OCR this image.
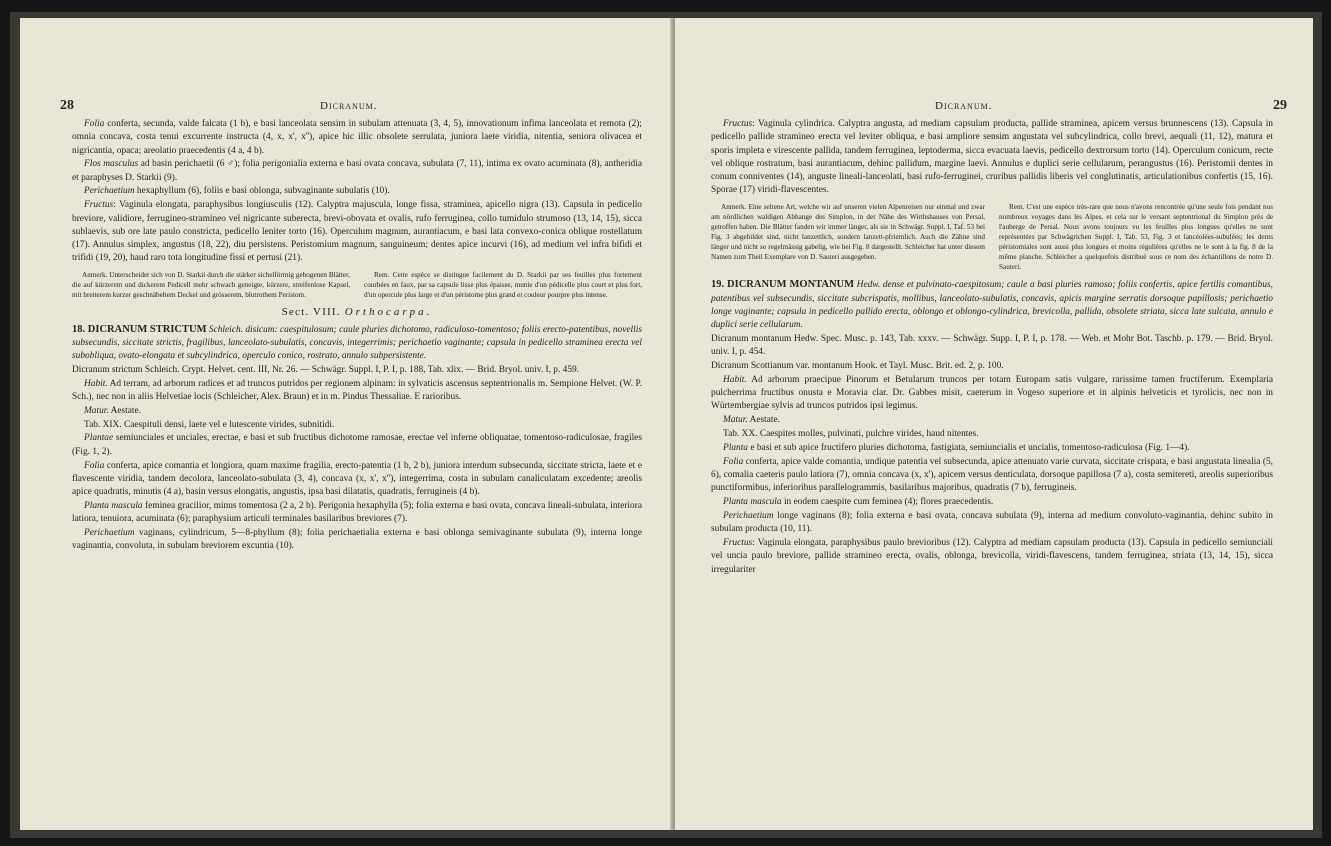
28	Dicranum.

Folia conferta, secunda, valde falcata (1 b), e basi lanceolata sensim in subulam attenuata (3, 4, 5), innovationum infima lanceolata et remota (2); omnia concava, costa tenui excurrente instructa (4, x, x', x''), apice hic illic obsolete serrulata, juniora laete viridia, nitentia, seniora olivacea et nigricantia, opaca; areolatio praecedentis (4 a, 4 b).

Flos masculus ad basin perichaetii (6 ♂); folia perigonialia externa e basi ovata concava, subulata (7, 11), intima ex ovato acuminata (8), antheridia et paraphyses D. Starkii (9).

Perichaetium hexaphyllum (6), foliis e basi oblonga, subvaginante subulatis (10).

Fructus: Vaginula elongata, paraphysibus longiusculis (12). Calyptra majuscula, longe fissa, straminea, apicello nigra (13). Capsula in pedicello breviore, validiore, ferrugineo-stramineo vel nigricante suberecta, brevi-obovata et ovalis, rufo ferruginea, collo tumidulo strumoso (13, 14, 15), sicca sublaevis, sub ore late paulo constricta, pedicello leniter torto (16). Operculum magnum, aurantiacum, e basi lata convexo-conica oblique rostellatum (17). Annulus simplex, angustus (18, 22), diu persistens. Peristomium magnum, sanguineum; dentes apice incurvi (16), ad medium vel infra bifidi et trifidi (19, 20), haud raro tota longitudine fissi et pertusi (21).

Anmerk. Unterscheidet sich von D. Starkii durch die stärker sichelförmig gebogenen Blätter, die auf kürzerem und dickerem Pedicell mehr schwach geneigte, kürzere, streifenlose Kapsel, mit breiterem kurzer geschnäbeltem Deckel und grösserem, blutrothem Peristom.

Rem. Cette espèce se distingue facilement du D. Starkii par ses feuilles plus fortement courbées en faux, par sa capsule lisse plus épaisse, munie d'un pédicelle plus court et plus fort, d'un opercule plus large et d'un péristome plus grand et couleur pourpre plus intense.

Sect. VIII. Orthocarpa.

18. DICRANUM STRICTUM Schleich. disicum: caespitulosum; caule pluries dichotomo, radiculoso-tomentoso; foliis erecto-patentibus, novellis subsecundis, siccitate strictis, fragilibus, lanceolato-subulatis, concavis, integerrimis; perichaetio vaginante; capsula in pedicello straminea erecta vel subobliqua, ovato-elongata et subcylindrica, operculo conico, rostrato, annulo subpersistente.

Dicranum strictum Schleich. Crypt. Helvet. cent. III, Nr. 26. — Schwägr. Suppl. I, P. I, p. 188, Tab. xlix. — Brid. Bryol. univ. I, p. 459.

Habit. Ad terram, ad arborum radices et ad truncos putridos per regionem alpinam: in sylvaticis ascensus septentrionalis m. Sempione Helvet. (W. P. Sch.), nec non in aliis Helvetiae locis (Schleicher, Alex. Braun) et in m. Pindus Thessaliae. E rarioribus.

Matur. Aestate.

Tab. XIX. Caespituli densi, laete vel e lutescente virides, subnitidi.

Plantae semiunciales et unciales, erectae, e basi et sub fructibus dichotome ramosae, erectae vel inferne obliquatae, tomentoso-radiculosae, fragiles (Fig. 1, 2).

Folia conferta, apice comantia et longiora, quam maxime fragilia, erecto-patentia (1 b, 2 b), juniora interdum subsecunda, siccitate stricta, laete et e flavescente viridia, tandem decolora, lanceolato-subulata (3, 4), concava (x, x', x''), integerrima, costa in subulam canaliculatam excedente; areolis apice quadratis, minutis (4 a), basin versus elongatis, angustis, ipsa basi dilatatis, quadratis, ferrugineis (4 b).

Planta mascula feminea gracilior, minus tomentosa (2 a, 2 b). Perigonia hexaphylla (5); folia externa e basi ovata, concava lineali-subulata, interiora latiora, tenuiora, acuminata (6); paraphysium articuli terminales basilaribus breviores (7).

Perichaetium vaginans, cylindricum, 5—8-phyllum (8); folia perichaetialia externa e basi oblonga semivaginante subulata (9), interna longe vaginantia, convoluta, in subulam breviorem excuntia (10).

Dicranum.	29

Fructus: Vaginula cylindrica. Calyptra angusta, ad mediam capsulam producta, pallide straminea, apicem versus brunnescens (13). Capsula in pedicello pallide stramineo erecta vel leviter obliqua, e basi ampliore sensim angustata vel subcylindrica, collo brevi, aequali (11, 12), matura et sporis impleta e virescente pallida, tandem ferruginea, leptoderma, sicca evacuata laevis, pedicello dextrorsum torto (14). Operculum conicum, recte vel oblique rostratum, basi aurantiacum, dehinc pallidum, margine laevi. Annulus e duplici serie cellularum, perangustus (16). Peristomii dentes in conum conniventes (14), anguste lineali-lanceolati, basi rufo-ferruginei, cruribus pallidis liberis vel conglutinatis, articulationibus confertis (15, 16). Sporae (17) viridi-flavescentes.

Anmerk. Eine seltene Art, welche wir auf unseren vielen Alpenreisen nur einmal und zwar am nördlichen waldigen Abhange des Simplon, in der Nähe des Wirthshauses von Persal, getroffen haben. Die Blätter fanden wir immer länger, als sie in Schwägr. Suppl. I, Taf. 53 bei Fig. 3 abgebildet sind, nicht lanzettlich, sondern lanzett-pfriemlich. Auch die Zähne sind länger und nicht so regelmässig gabelig, wie bei Fig. 8 dargestellt. Schleicher hat unter diesem Namen zum Theil Exemplare von D. Sauteri ausgegeben.

Rem. C'est une espèce très-rare que nous n'avons rencontrée qu'une seule fois pendant nos nombreux voyages dans les Alpes, et cela sur le versant septentrional du Simplon près de l'auberge de Persal. Nous avons toujours vu les feuilles plus longues qu'elles ne sont représentées par Schwägrichen Suppl. I, Tab. 53, Fig. 3 et lancéolées-subulées; les dents péristomiales sont aussi plus longues et moins régulières qu'elles ne le sont à la fig. 8 de la même planche. Schleicher a quelquefois distribué sous ce nom des échantillons de notre D. Sauteri.

19. DICRANUM MONTANUM Hedw. dense et pulvinato-caespitosum; caule a basi pluries ramoso; foliis confertis, apice fertilis comantibus, patentibus vel subsecundis, siccitate subcrispatis, mollibus, lanceolato-subulatis, concavis, apicis margine serratis dorsoque papillosis; perichaetio longe vaginante; capsula in pedicello pallido erecta, oblongo et oblongo-cylindrica, brevicolla, pallida, obsolete striata, sicca late sulcata, annulo e duplici serie cellularum.

Dicranum montanum Hedw. Spec. Musc. p. 143, Tab. xxxv. — Schwägr. Supp. I, P. I, p. 178. — Web. et Mohr Bot. Taschb. p. 179. — Brid. Bryol. univ. I, p. 454.

Dicranum Scottianum var. montanum Hook. et Tayl. Musc. Brit. ed. 2, p. 100.

Habit. Ad arborum praecipue Pinorum et Betularum truncos per totam Europam satis vulgare, rarissime tamen fructiferum. Exemplaria pulcherrima fructibus onusta e Moravia clar. Dr. Gabbes misit, caeterum in Vogeso superiore et in alpinis helveticis et tyrolicis, nec non in Würtembergiae sylvis ad truncos putridos ipsi legimus.

Matur. Aestate.

Tab. XX. Caespites molles, pulvinati, pulchre virides, haud nitentes.

Planta e basi et sub apice fructifero pluries dichotoma, fastigiata, semiuncialis et uncialis, tomentoso-radiculosa (Fig. 1—4).

Folia conferta, apice valde comantia, undique patentia vel subsecunda, apice attenuato varie curvata, siccitate crispata, e basi angustata linealia (5, 6), comalia caeteris paulo latiora (7), omnia concava (x, x'), apicem versus denticulata, dorsoque papillosa (7 a), costa semiteretì, areolis superioribus punctiformibus, inferioribus parallelogrammis, basilaribus majoribus, quadratis (7 b), ferrugineis.

Planta mascula in eodem caespite cum feminea (4); flores praecedentis.

Perichaetium longe vaginans (8); folia externa e basi ovata, concava subulata (9), interna ad medium convoluto-vaginantia, dehinc subito in subulam producta (10, 11).

Fructus: Vaginula elongata, paraphysibus paulo brevioribus (12). Calyptra ad mediam capsulam producta (13). Capsula in pedicello semiunciali vel uncia paulo breviore, pallide stramineo erecta, ovalis, oblonga, brevicolla, viridi-flavescens, tandem ferruginea, striata (13, 14, 15), sicca irregulariter
